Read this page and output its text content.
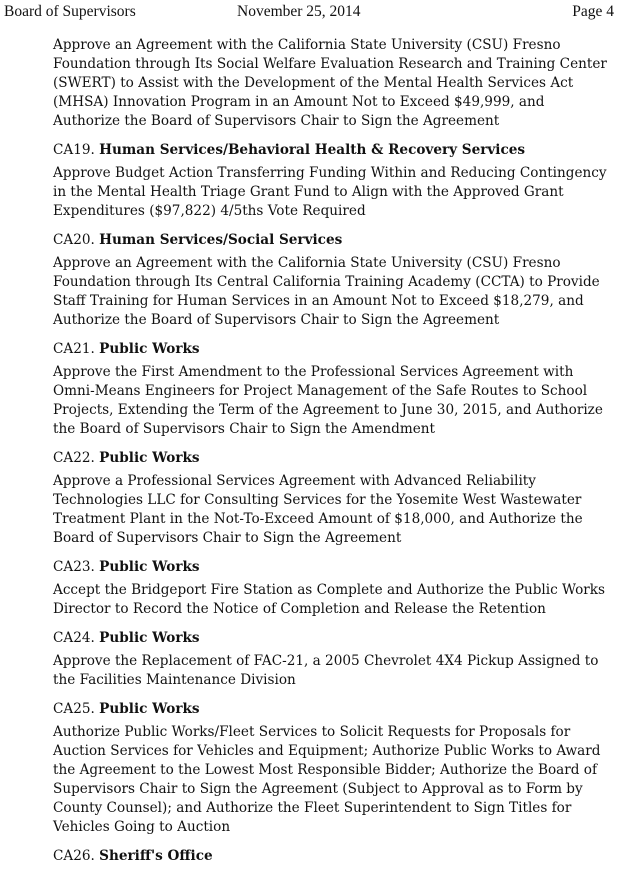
Board of Supervisors	November 25, 2014	Page 4

Approve an Agreement with the California State University (CSU) Fresno Foundation through Its Social Welfare Evaluation Research and Training Center (SWERT) to Assist with the Development of the Mental Health Services Act (MHSA) Innovation Program in an Amount Not to Exceed $49,999, and Authorize the Board of Supervisors Chair to Sign the Agreement

CA19. Human Services/Behavioral Health & Recovery Services

Approve Budget Action Transferring Funding Within and Reducing Contingency in the Mental Health Triage Grant Fund to Align with the Approved Grant Expenditures ($97,822) 4/5ths Vote Required

CA20. Human Services/Social Services

Approve an Agreement with the California State University (CSU) Fresno Foundation through Its Central California Training Academy (CCTA) to Provide Staff Training for Human Services in an Amount Not to Exceed $18,279, and Authorize the Board of Supervisors Chair to Sign the Agreement

CA21. Public Works

Approve the First Amendment to the Professional Services Agreement with Omni-Means Engineers for Project Management of the Safe Routes to School Projects, Extending the Term of the Agreement to June 30, 2015, and Authorize the Board of Supervisors Chair to Sign the Amendment

CA22. Public Works

Approve a Professional Services Agreement with Advanced Reliability Technologies LLC for Consulting Services for the Yosemite West Wastewater Treatment Plant in the Not-To-Exceed Amount of $18,000, and Authorize the Board of Supervisors Chair to Sign the Agreement

CA23. Public Works

Accept the Bridgeport Fire Station as Complete and Authorize the Public Works Director to Record the Notice of Completion and Release the Retention

CA24. Public Works

Approve the Replacement of FAC-21, a 2005 Chevrolet 4X4 Pickup Assigned to the Facilities Maintenance Division

CA25. Public Works

Authorize Public Works/Fleet Services to Solicit Requests for Proposals for Auction Services for Vehicles and Equipment; Authorize Public Works to Award the Agreement to the Lowest Most Responsible Bidder; Authorize the Board of Supervisors Chair to Sign the Agreement (Subject to Approval as to Form by County Counsel); and Authorize the Fleet Superintendent to Sign Titles for Vehicles Going to Auction

CA26. Sheriff's Office
